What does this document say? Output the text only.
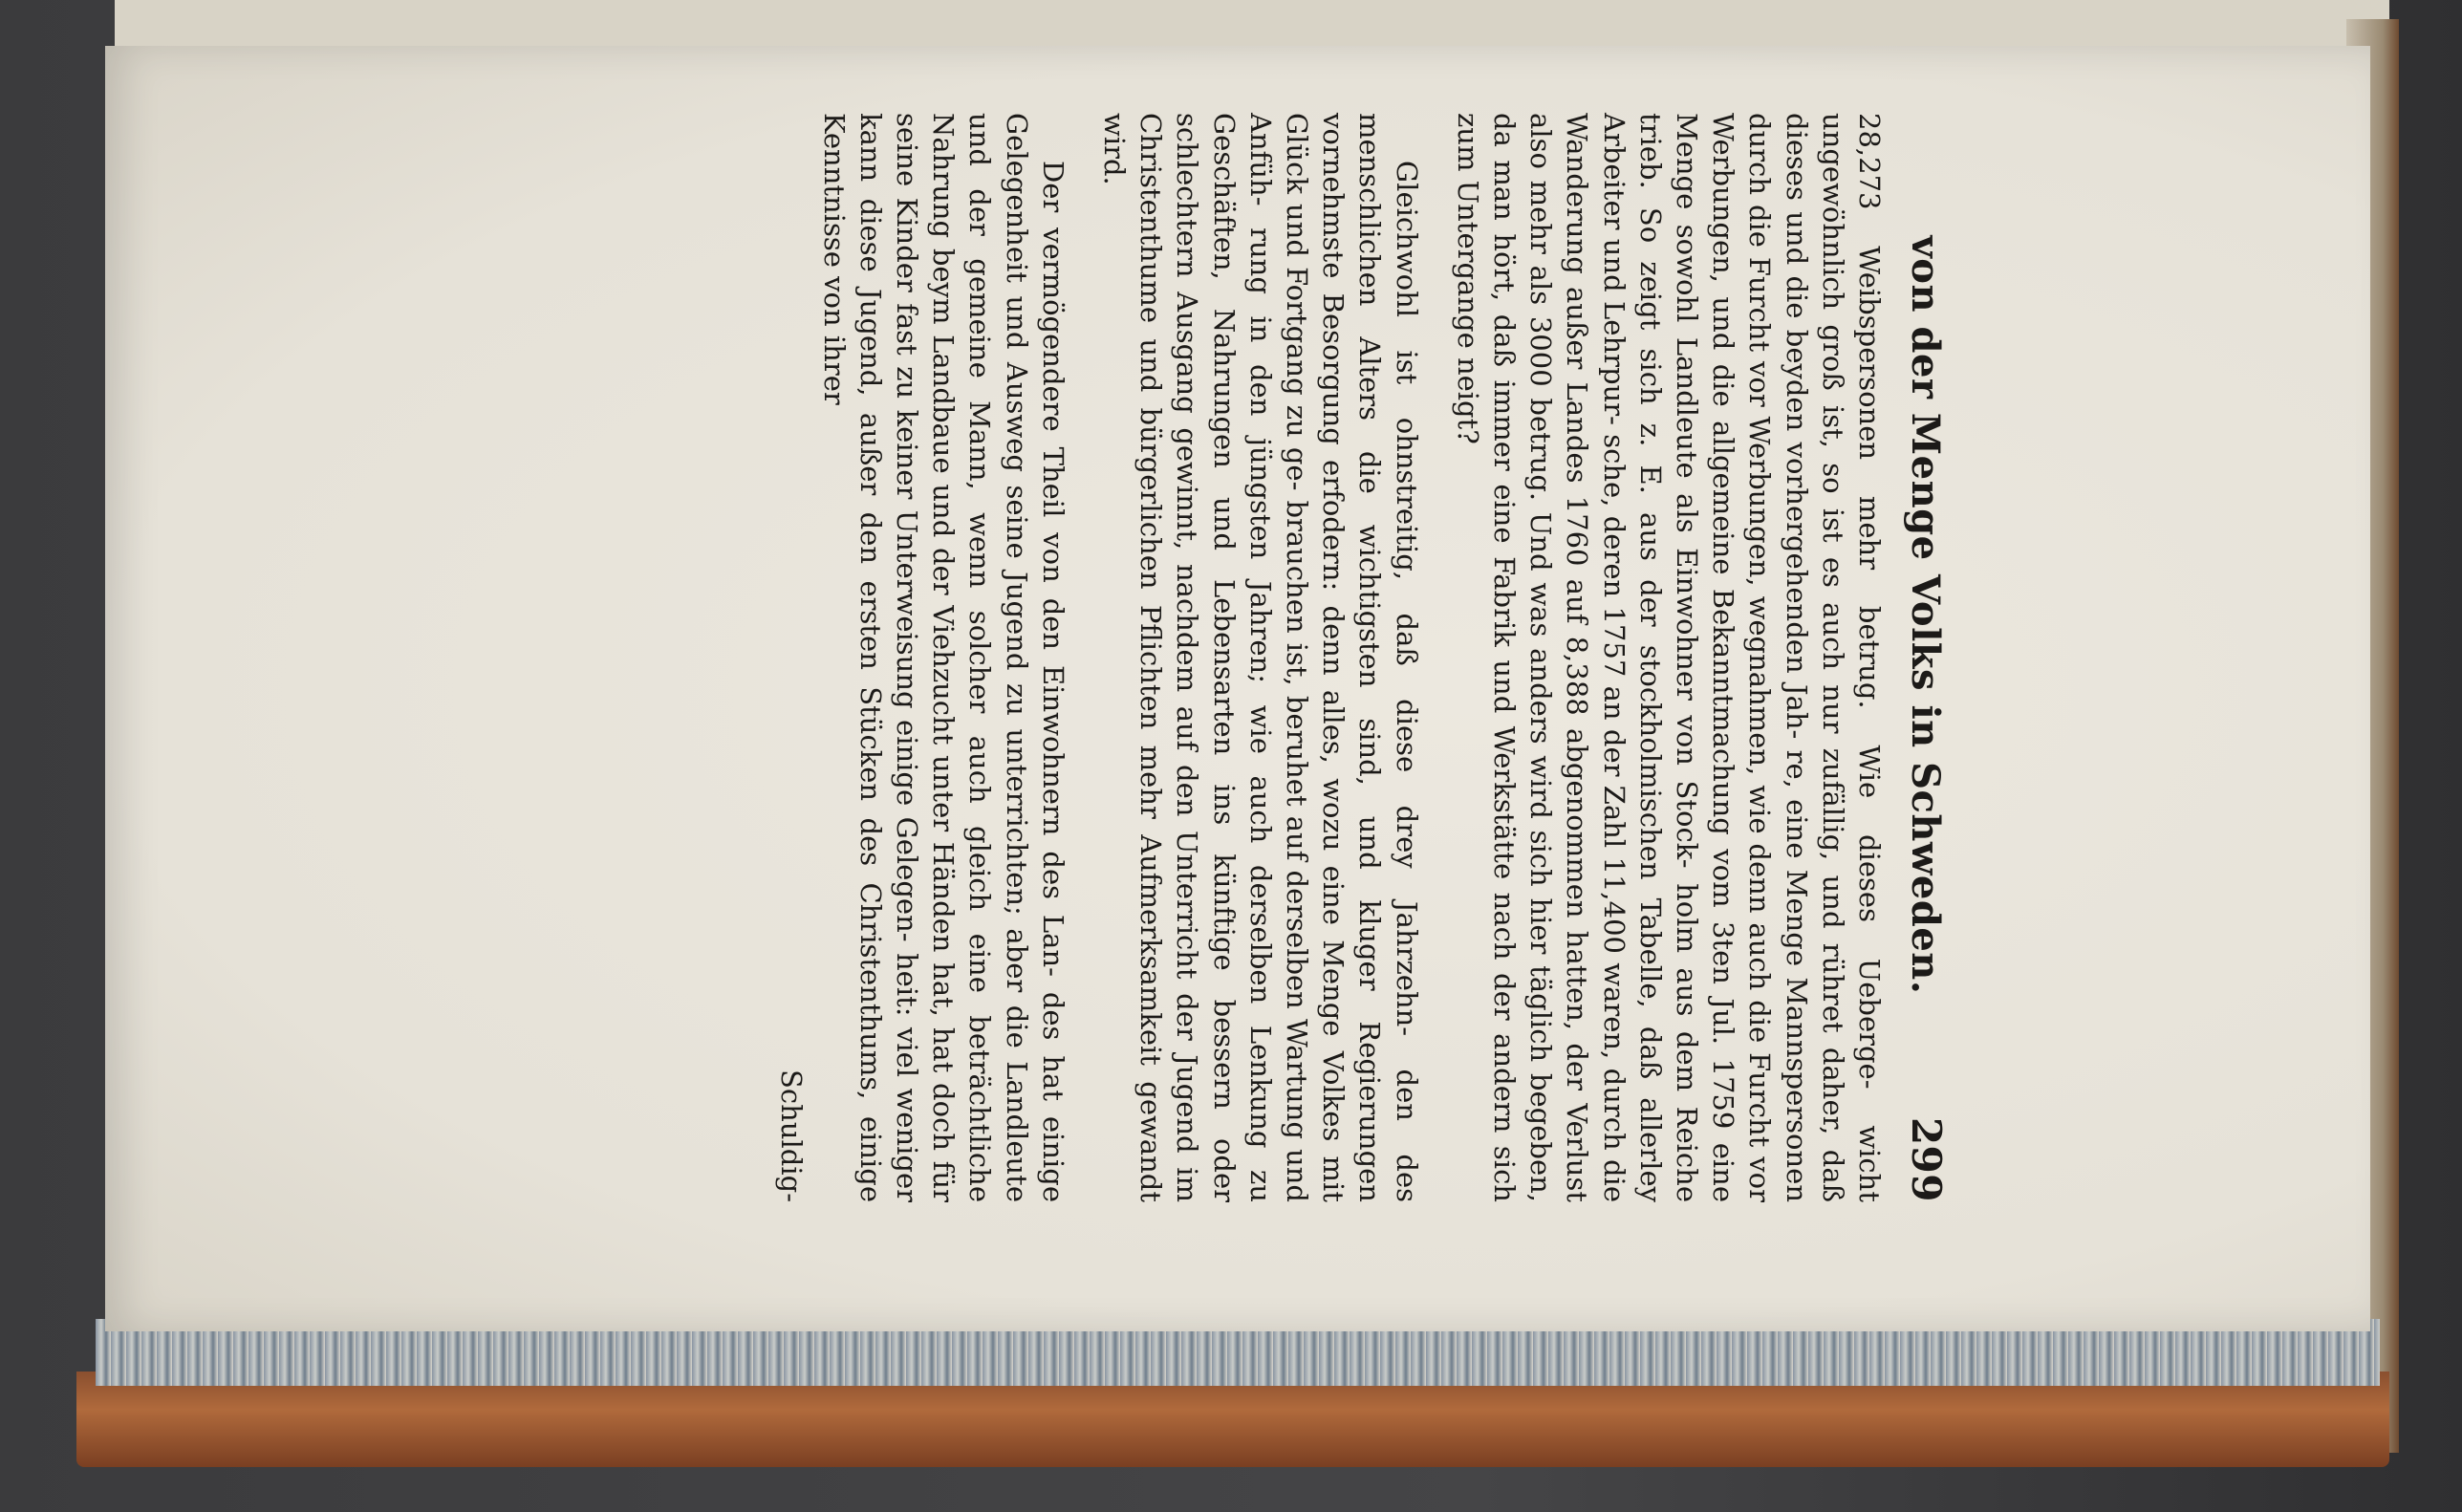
von der Menge Volks in Schweden.
299

28,273 Weibspersonen mehr betrug. Wie dieses Ueberge- wicht ungewöhnlich groß ist, so ist es auch nur zufällig, und rühret daher, daß dieses und die beyden vorhergehenden Jah- re, eine Menge Mannspersonen durch die Furcht vor Werbungen, wegnahmen, wie denn auch die Furcht vor Werbungen, und die allgemeine Bekanntmachung vom 3ten Jul. 1759 eine Menge sowohl Landleute als Einwohner von Stock- holm aus dem Reiche trieb. So zeigt sich z. E. aus der stockholmischen Tabelle, daß allerley Arbeiter und Lehrpur- sche, deren 1757 an der Zahl 11,400 waren, durch die Wanderung außer Landes 1760 auf 8,388 abgenommen hatten, der Verlust also mehr als 3000 betrug. Und was anders wird sich hier täglich begeben, da man hört, daß immer eine Fabrik und Werkstätte nach der andern sich zum Untergange neigt?

Gleichwohl ist ohnstreitig, daß diese drey Jahrzehn- den des menschlichen Alters die wichtigsten sind, und kluger Regierungen vornehmste Besorgung erfodern: denn alles, wozu eine Menge Volkes mit Glück und Fortgang zu ge- brauchen ist, beruhet auf derselben Wartung und Anfüh- rung in den jüngsten Jahren; wie auch derselben Lenkung zu Geschäften, Nahrungen und Lebensarten ins künftige bessern oder schlechtern Ausgang gewinnt, nachdem auf den Unterricht der Jugend im Christenthume und bürgerlichen Pflichten mehr Aufmerksamkeit gewandt wird.

Der vermögendere Theil von den Einwohnern des Lan- des hat einige Gelegenheit und Ausweg seine Jugend zu unterrichten; aber die Landleute und der gemeine Mann, wenn solcher auch gleich eine beträchtliche Nahrung beym Landbaue und der Viehzucht unter Händen hat, hat doch für seine Kinder fast zu keiner Unterweisung einige Gelegen- heit: viel weniger kann diese Jugend, außer den ersten Stücken des Christenthums, einige Kenntnisse von ihrer

Schuldig-
